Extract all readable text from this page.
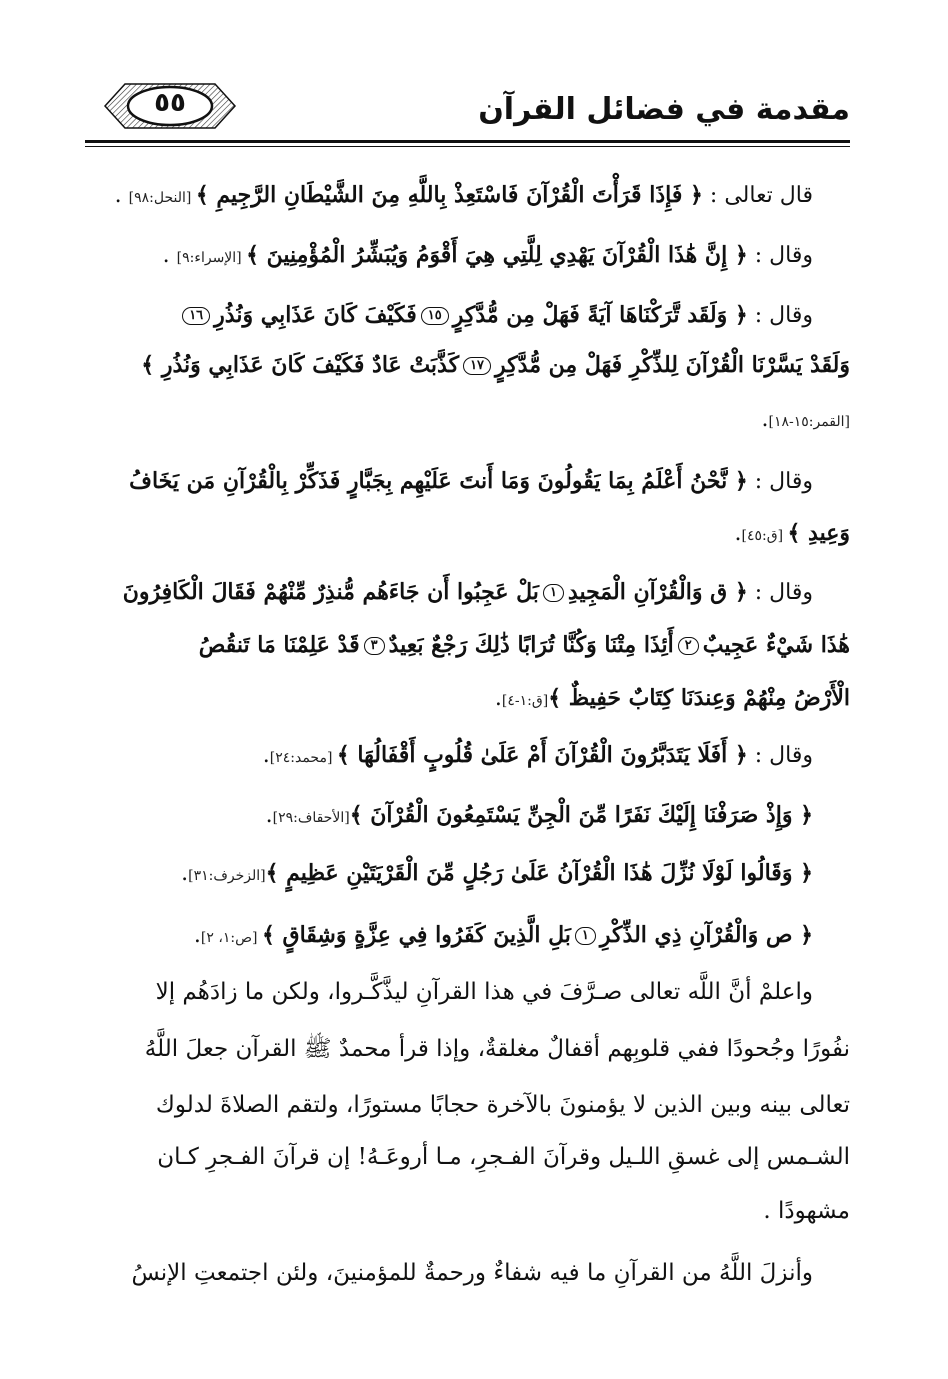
مقدمة في فضائل القرآن
٥٥
قال تعالى : ﴿ فَإِذَا قَرَأْتَ الْقُرْآنَ فَاسْتَعِذْ بِاللَّهِ مِنَ الشَّيْطَانِ الرَّجِيمِ ﴾ [النحل:٩٨] .
وقال : ﴿ إِنَّ هَٰذَا الْقُرْآنَ يَهْدِي لِلَّتِي هِيَ أَقْوَمُ وَيُبَشِّرُ الْمُؤْمِنِينَ ﴾ [الإسراء:٩] .
وقال : ﴿ وَلَقَد تَّرَكْنَاهَا آيَةً فَهَلْ مِن مُّدَّكِرٍ١٥فَكَيْفَ كَانَ عَذَابِي وَنُذُرِ١٦
وَلَقَدْ يَسَّرْنَا الْقُرْآنَ لِلذِّكْرِ فَهَلْ مِن مُّدَّكِرٍ١٧كَذَّبَتْ عَادٌ فَكَيْفَ كَانَ عَذَابِي وَنُذُرِ ﴾
[القمر:١٥-١٨].
وقال : ﴿ نَّحْنُ أَعْلَمُ بِمَا يَقُولُونَ وَمَا أَنتَ عَلَيْهِم بِجَبَّارٍ فَذَكِّرْ بِالْقُرْآنِ مَن يَخَافُ
وَعِيدِ ﴾ [ق:٤٥].
وقال : ﴿ ق وَالْقُرْآنِ الْمَجِيدِ١بَلْ عَجِبُوا أَن جَاءَهُم مُّنذِرٌ مِّنْهُمْ فَقَالَ الْكَافِرُونَ
هَٰذَا شَيْءٌ عَجِيبٌ٢أَئِذَا مِتْنَا وَكُنَّا تُرَابًا ذَٰلِكَ رَجْعٌ بَعِيدٌ٣قَدْ عَلِمْنَا مَا تَنقُصُ
الْأَرْضُ مِنْهُمْ وَعِندَنَا كِتَابٌ حَفِيظٌ ﴾[ق:١-٤].
وقال : ﴿ أَفَلَا يَتَدَبَّرُونَ الْقُرْآنَ أَمْ عَلَىٰ قُلُوبٍ أَقْفَالُهَا ﴾ [محمد:٢٤].
﴿ وَإِذْ صَرَفْنَا إِلَيْكَ نَفَرًا مِّنَ الْجِنِّ يَسْتَمِعُونَ الْقُرْآنَ ﴾[الأحقاف:٢٩].
﴿ وَقَالُوا لَوْلَا نُزِّلَ هَٰذَا الْقُرْآنُ عَلَىٰ رَجُلٍ مِّنَ الْقَرْيَتَيْنِ عَظِيمٍ ﴾[الزخرف:٣١].
﴿ ص وَالْقُرْآنِ ذِي الذِّكْرِ١بَلِ الَّذِينَ كَفَرُوا فِي عِزَّةٍ وَشِقَاقٍ ﴾ [ص:١، ٢].
واعلمْ أنَّ اللَّه تعالى صـرَّفَ في هذا القرآنِ ليذَّكَّـروا، ولكن ما زادَهُم إلا
نفُورًا وجُحودًا ففي قلوبِهم أقفالٌ مغلقةٌ، وإذا قرأ محمدٌ ﷺ القرآن جعلَ اللَّهُ
تعالى بينه وبين الذين لا يؤمنونَ بالآخرة حجابًا مستورًا، ولتقم الصلاةَ لدلوك
الشـمس إلى غسقِ اللـيل وقرآنَ الفـجرِ، مـا أروعَـهُ! إن قرآنَ الفـجرِ كـان
مشهودًا .
وأنزلَ اللَّهُ من القرآنِ ما فيه شفاءٌ ورحمةٌ للمؤمنينَ، ولئن اجتمعتِ الإنسُ
